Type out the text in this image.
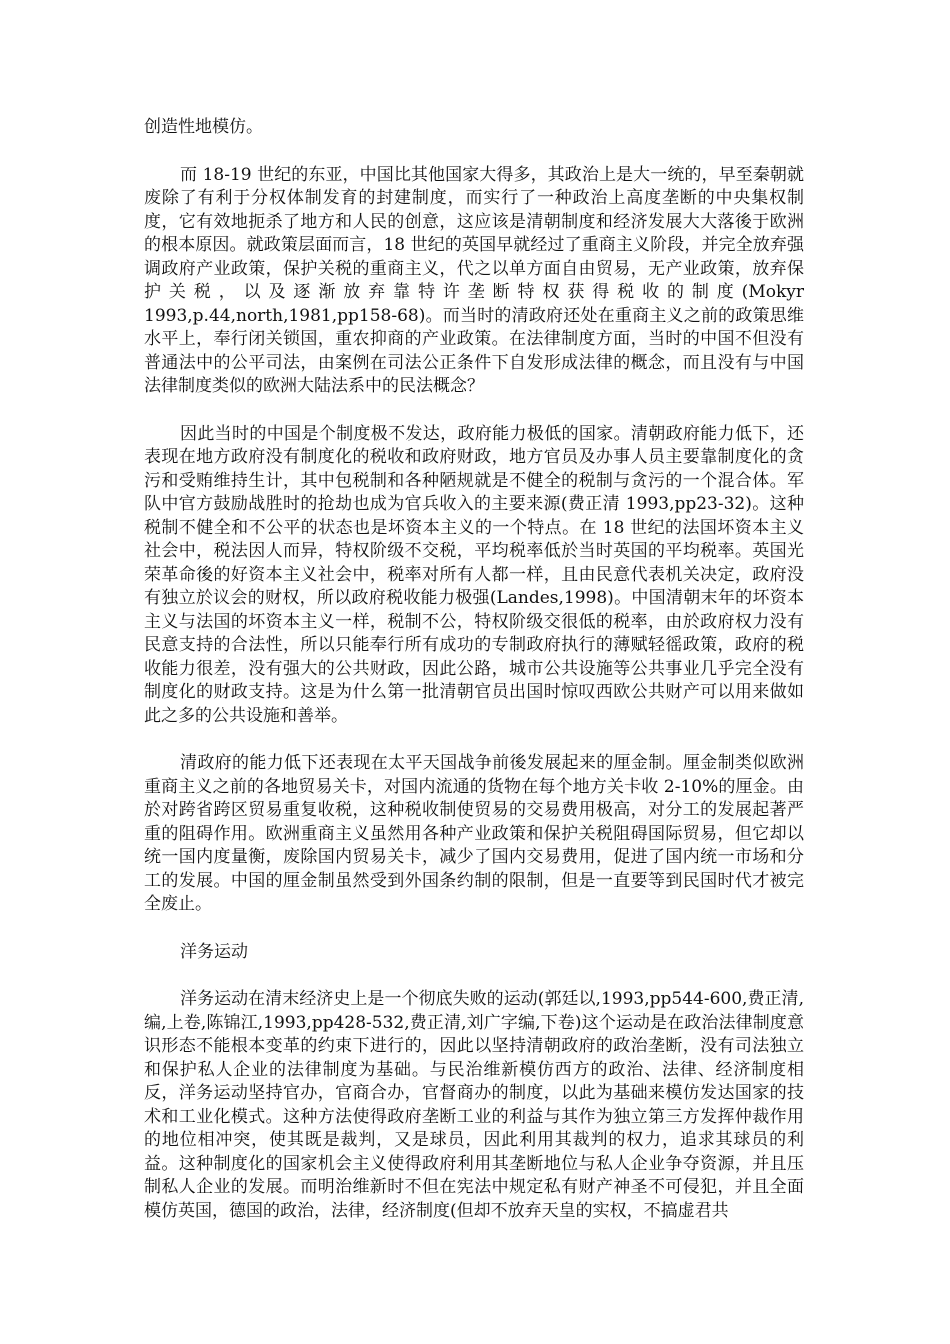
创造性地模仿。

而 18-19 世纪的东亚，中国比其他国家大得多，其政治上是大一统的，早至秦朝就废除了有利于分权体制发育的封建制度，而实行了一种政治上高度垄断的中央集权制度，它有效地扼杀了地方和人民的创意，这应该是清朝制度和经济发展大大落後于欧洲的根本原因。就政策层面而言，18 世纪的英国早就经过了重商主义阶段，并完全放弃强调政府产业政策，保护关税的重商主义，代之以单方面自由贸易，无产业政策，放弃保护关税，以及逐渐放弃靠特许垄断特权获得税收的制度(Mokyr 1993,p.44,north,1981,pp158-68)。而当时的清政府还处在重商主义之前的政策思维水平上，奉行闭关锁国，重农抑商的产业政策。在法律制度方面，当时的中国不但没有普通法中的公平司法，由案例在司法公正条件下自发形成法律的概念，而且没有与中国法律制度类似的欧洲大陆法系中的民法概念？

因此当时的中国是个制度极不发达，政府能力极低的国家。清朝政府能力低下，还表现在地方政府没有制度化的税收和政府财政，地方官员及办事人员主要靠制度化的贪污和受贿维持生计，其中包税制和各种陋规就是不健全的税制与贪污的一个混合体。军队中官方鼓励战胜时的抢劫也成为官兵收入的主要来源(费正清 1993,pp23-32)。这种税制不健全和不公平的状态也是坏资本主义的一个特点。在 18 世纪的法国坏资本主义社会中，税法因人而异，特权阶级不交税，平均税率低於当时英国的平均税率。英国光荣革命後的好资本主义社会中，税率对所有人都一样，且由民意代表机关决定，政府没有独立於议会的财权，所以政府税收能力极强(Landes,1998)。中国清朝末年的坏资本主义与法国的坏资本主义一样，税制不公，特权阶级交很低的税率，由於政府权力没有民意支持的合法性，所以只能奉行所有成功的专制政府执行的薄赋轻徭政策，政府的税收能力很差，没有强大的公共财政，因此公路，城市公共设施等公共事业几乎完全没有制度化的财政支持。这是为什么第一批清朝官员出国时惊叹西欧公共财产可以用来做如此之多的公共设施和善举。

清政府的能力低下还表现在太平天国战争前後发展起来的厘金制。厘金制类似欧洲重商主义之前的各地贸易关卡，对国内流通的货物在每个地方关卡收 2-10%的厘金。由於对跨省跨区贸易重复收税，这种税收制使贸易的交易费用极高，对分工的发展起著严重的阻碍作用。欧洲重商主义虽然用各种产业政策和保护关税阻碍国际贸易，但它却以统一国内度量衡，废除国内贸易关卡，减少了国内交易费用，促进了国内统一市场和分工的发展。中国的厘金制虽然受到外国条约制的限制，但是一直要等到民国时代才被完全废止。

洋务运动

洋务运动在清末经济史上是一个彻底失败的运动(郭廷以,1993,pp544-600,费正清,编,上卷,陈锦江,1993,pp428-532,费正清,刘广字编,下卷)这个运动是在政治法律制度意识形态不能根本变革的约束下进行的，因此以坚持清朝政府的政治垄断，没有司法独立和保护私人企业的法律制度为基础。与民治维新模仿西方的政治、法律、经济制度相反，洋务运动坚持官办，官商合办，官督商办的制度，以此为基础来模仿发达国家的技术和工业化模式。这种方法使得政府垄断工业的利益与其作为独立第三方发挥仲裁作用的地位相冲突，使其既是裁判，又是球员，因此利用其裁判的权力，追求其球员的利益。这种制度化的国家机会主义使得政府利用其垄断地位与私人企业争夺资源，并且压制私人企业的发展。而明治维新时不但在宪法中规定私有财产神圣不可侵犯，并且全面模仿英国，德国的政治，法律，经济制度(但却不放弃天皇的实权，不搞虚君共
